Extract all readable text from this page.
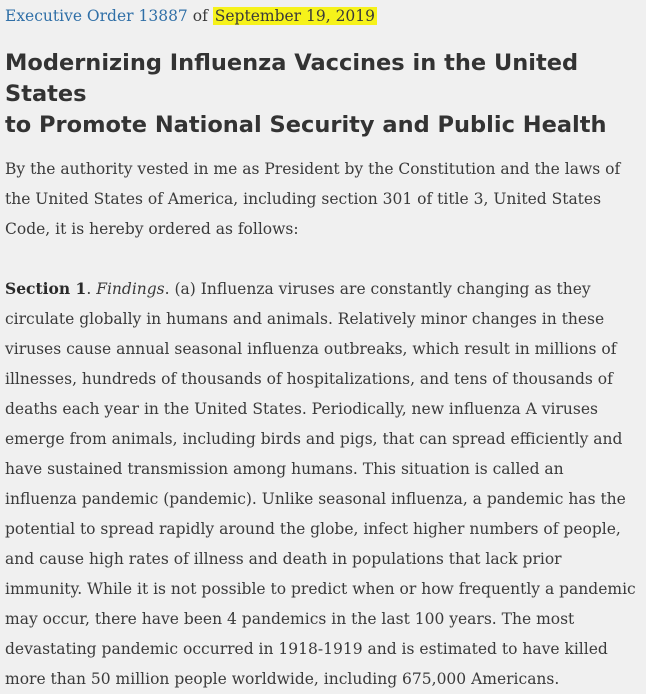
Executive Order 13887 of September 19, 2019
Modernizing Influenza Vaccines in the United States
to Promote National Security and Public Health

By the authority vested in me as President by the Constitution and the laws of the United States of America, including section 301 of title 3, United States Code, it is hereby ordered as follows:

Section 1. Findings. (a) Influenza viruses are constantly changing as they circulate globally in humans and animals. Relatively minor changes in these viruses cause annual seasonal influenza outbreaks, which result in millions of illnesses, hundreds of thousands of hospitalizations, and tens of thousands of deaths each year in the United States. Periodically, new influenza A viruses emerge from animals, including birds and pigs, that can spread efficiently and have sustained transmission among humans. This situation is called an influenza pandemic (pandemic). Unlike seasonal influenza, a pandemic has the potential to spread rapidly around the globe, infect higher numbers of people, and cause high rates of illness and death in populations that lack prior immunity. While it is not possible to predict when or how frequently a pandemic may occur, there have been 4 pandemics in the last 100 years. The most devastating pandemic occurred in 1918-1919 and is estimated to have killed more than 50 million people worldwide, including 675,000 Americans.
